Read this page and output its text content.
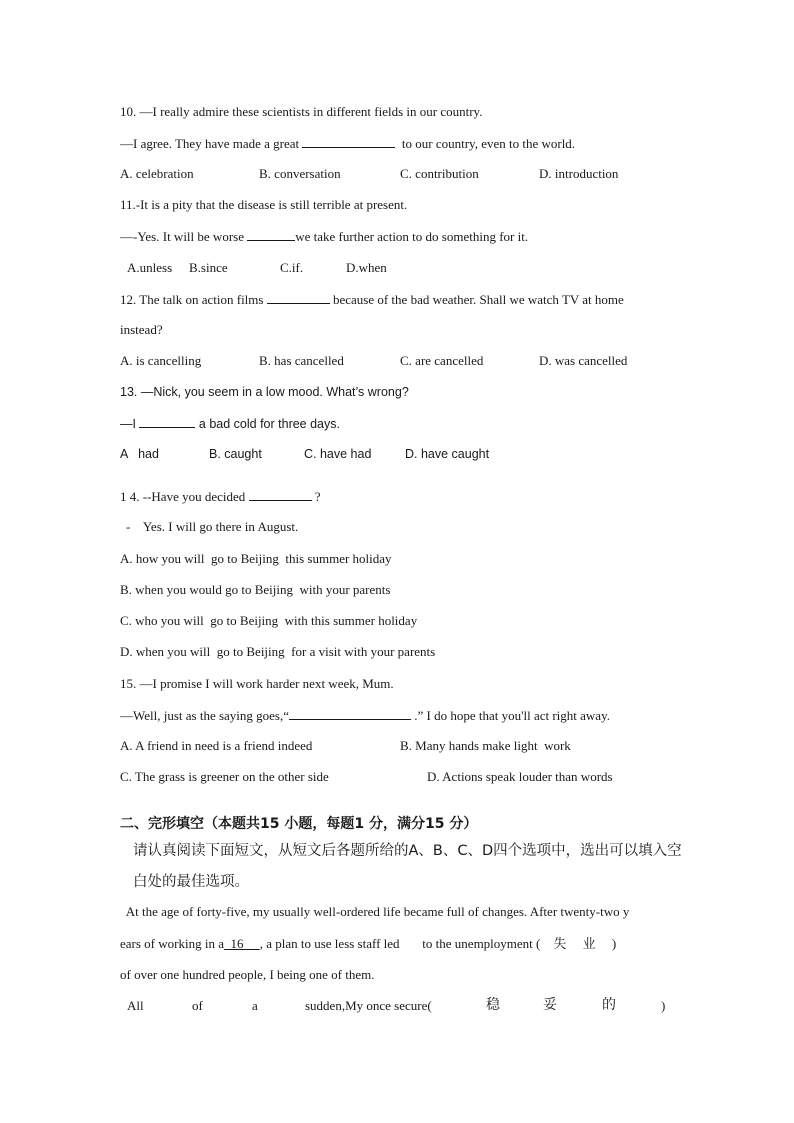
10. —I really admire these scientists in different fields in our country.
—I agree. They have made a great	to our country, even to the world.
A. celebration	B. conversation	C. contribution	D. introduction
11.-It is a pity that the disease is still terrible at present.
—-Yes. It will be worse	we take further action to do something for it.
A.unless B.since	C.if.	D.when
12. The talk on action films	because of the bad weather. Shall we watch TV at home
instead?
A. is cancelling	B. has cancelled	C. are cancelled	D. was cancelled
13. —Nick, you seem in a low mood. What’s wrong?
—I	a bad cold for three days.
A   had	B. caught	C. have had	D. have caught
1 4. --Have you decided	?
-    Yes. I will go there in August.
A. how you will  go to Beijing  this summer holiday
B. when you would go to Beijing  with your parents
C. who you will  go to Beijing  with this summer holiday
D. when you will  go to Beijing  for a visit with your parents
15. —I promise I will work harder next week, Mum.
—Well, just as the saying goes,“	.” I do hope that you'll act right away.
A. A friend in need is a friend indeed	B. Many hands make light  work
C. The grass is greener on the other side	D. Actions speak louder than words
二、完形填空（本题共15 小题，每题1 分，满分15 分）
请认真阅读下面短文，从短文后各题所给的A、B、C、D四个选项中，选出可以填入空
白处的最佳选项。
At the age of forty-five, my usually well-ordered life became full of changes. After twenty-two y
ears of working in a  16     , a plan to use less staff led       to the unemployment (    失     业     )
of over one hundred people, I being one of them.
All	of	a	sudden,My once secure(	稳	妥	的	)
